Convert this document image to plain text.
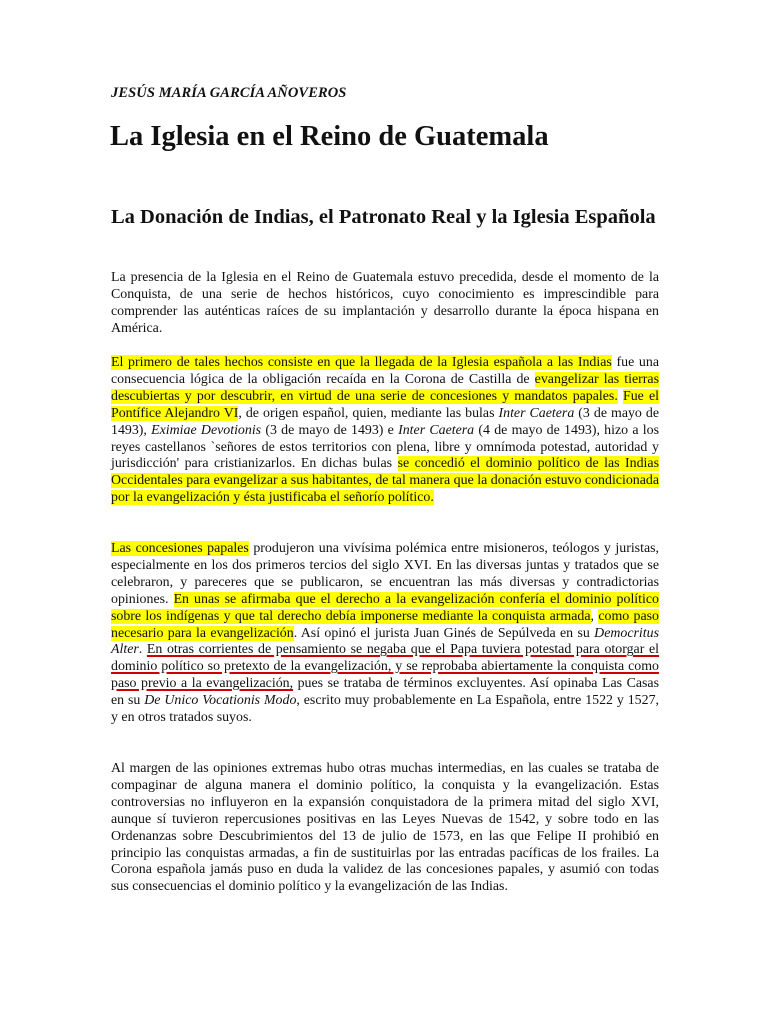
JESÚS MARÍA GARCÍA AÑOVEROS
La Iglesia en el Reino de Guatemala
La Donación de Indias, el Patronato Real y la Iglesia Española

La presencia de la Iglesia en el Reino de Guatemala estuvo precedida, desde el momento de la Conquista, de una serie de hechos históricos, cuyo conocimiento es imprescindible para comprender las auténticas raíces de su implantación y desarrollo durante la época hispana en América.

El primero de tales hechos consiste en que la llegada de la Iglesia española a las Indias fue una consecuencia lógica de la obligación recaída en la Corona de Castilla de evangelizar las tierras descubiertas y por descubrir, en virtud de una serie de concesiones y mandatos papales. Fue el Pontífice Alejandro VI, de origen español, quien, mediante las bulas Inter Caetera (3 de mayo de 1493), Eximiae Devotionis (3 de mayo de 1493) e Inter Caetera (4 de mayo de 1493), hizo a los reyes castellanos `señores de estos territorios con plena, libre y omnímoda potestad, autoridad y jurisdicción' para cristianizarlos. En dichas bulas se concedió el dominio político de las Indias Occidentales para evangelizar a sus habitantes, de tal manera que la donación estuvo condicionada por la evangelización y ésta justificaba el señorío político.

Las concesiones papales produjeron una vivísima polémica entre misioneros, teólogos y juristas, especialmente en los dos primeros tercios del siglo XVI. En las diversas juntas y tratados que se celebraron, y pareceres que se publicaron, se encuentran las más diversas y contradictorias opiniones. En unas se afirmaba que el derecho a la evangelización confería el dominio político sobre los indígenas y que tal derecho debía imponerse mediante la conquista armada, como paso necesario para la evangelización. Así opinó el jurista Juan Ginés de Sepúlveda en su Democritus Alter. En otras corrientes de pensamiento se negaba que el Papa tuviera potestad para otorgar el dominio político so pretexto de la evangelización, y se reprobaba abiertamente la conquista como paso previo a la evangelización, pues se trataba de términos excluyentes. Así opinaba Las Casas en su De Unico Vocationis Modo, escrito muy probablemente en La Española, entre 1522 y 1527, y en otros tratados suyos.

Al margen de las opiniones extremas hubo otras muchas intermedias, en las cuales se trataba de compaginar de alguna manera el dominio político, la conquista y la evangelización. Estas controversias no influyeron en la expansión conquistadora de la primera mitad del siglo XVI, aunque sí tuvieron repercusiones positivas en las Leyes Nuevas de 1542, y sobre todo en las Ordenanzas sobre Descubrimientos del 13 de julio de 1573, en las que Felipe II prohibió en principio las conquistas armadas, a fin de sustituirlas por las entradas pacíficas de los frailes. La Corona española jamás puso en duda la validez de las concesiones papales, y asumió con todas sus consecuencias el dominio político y la evangelización de las Indias.
